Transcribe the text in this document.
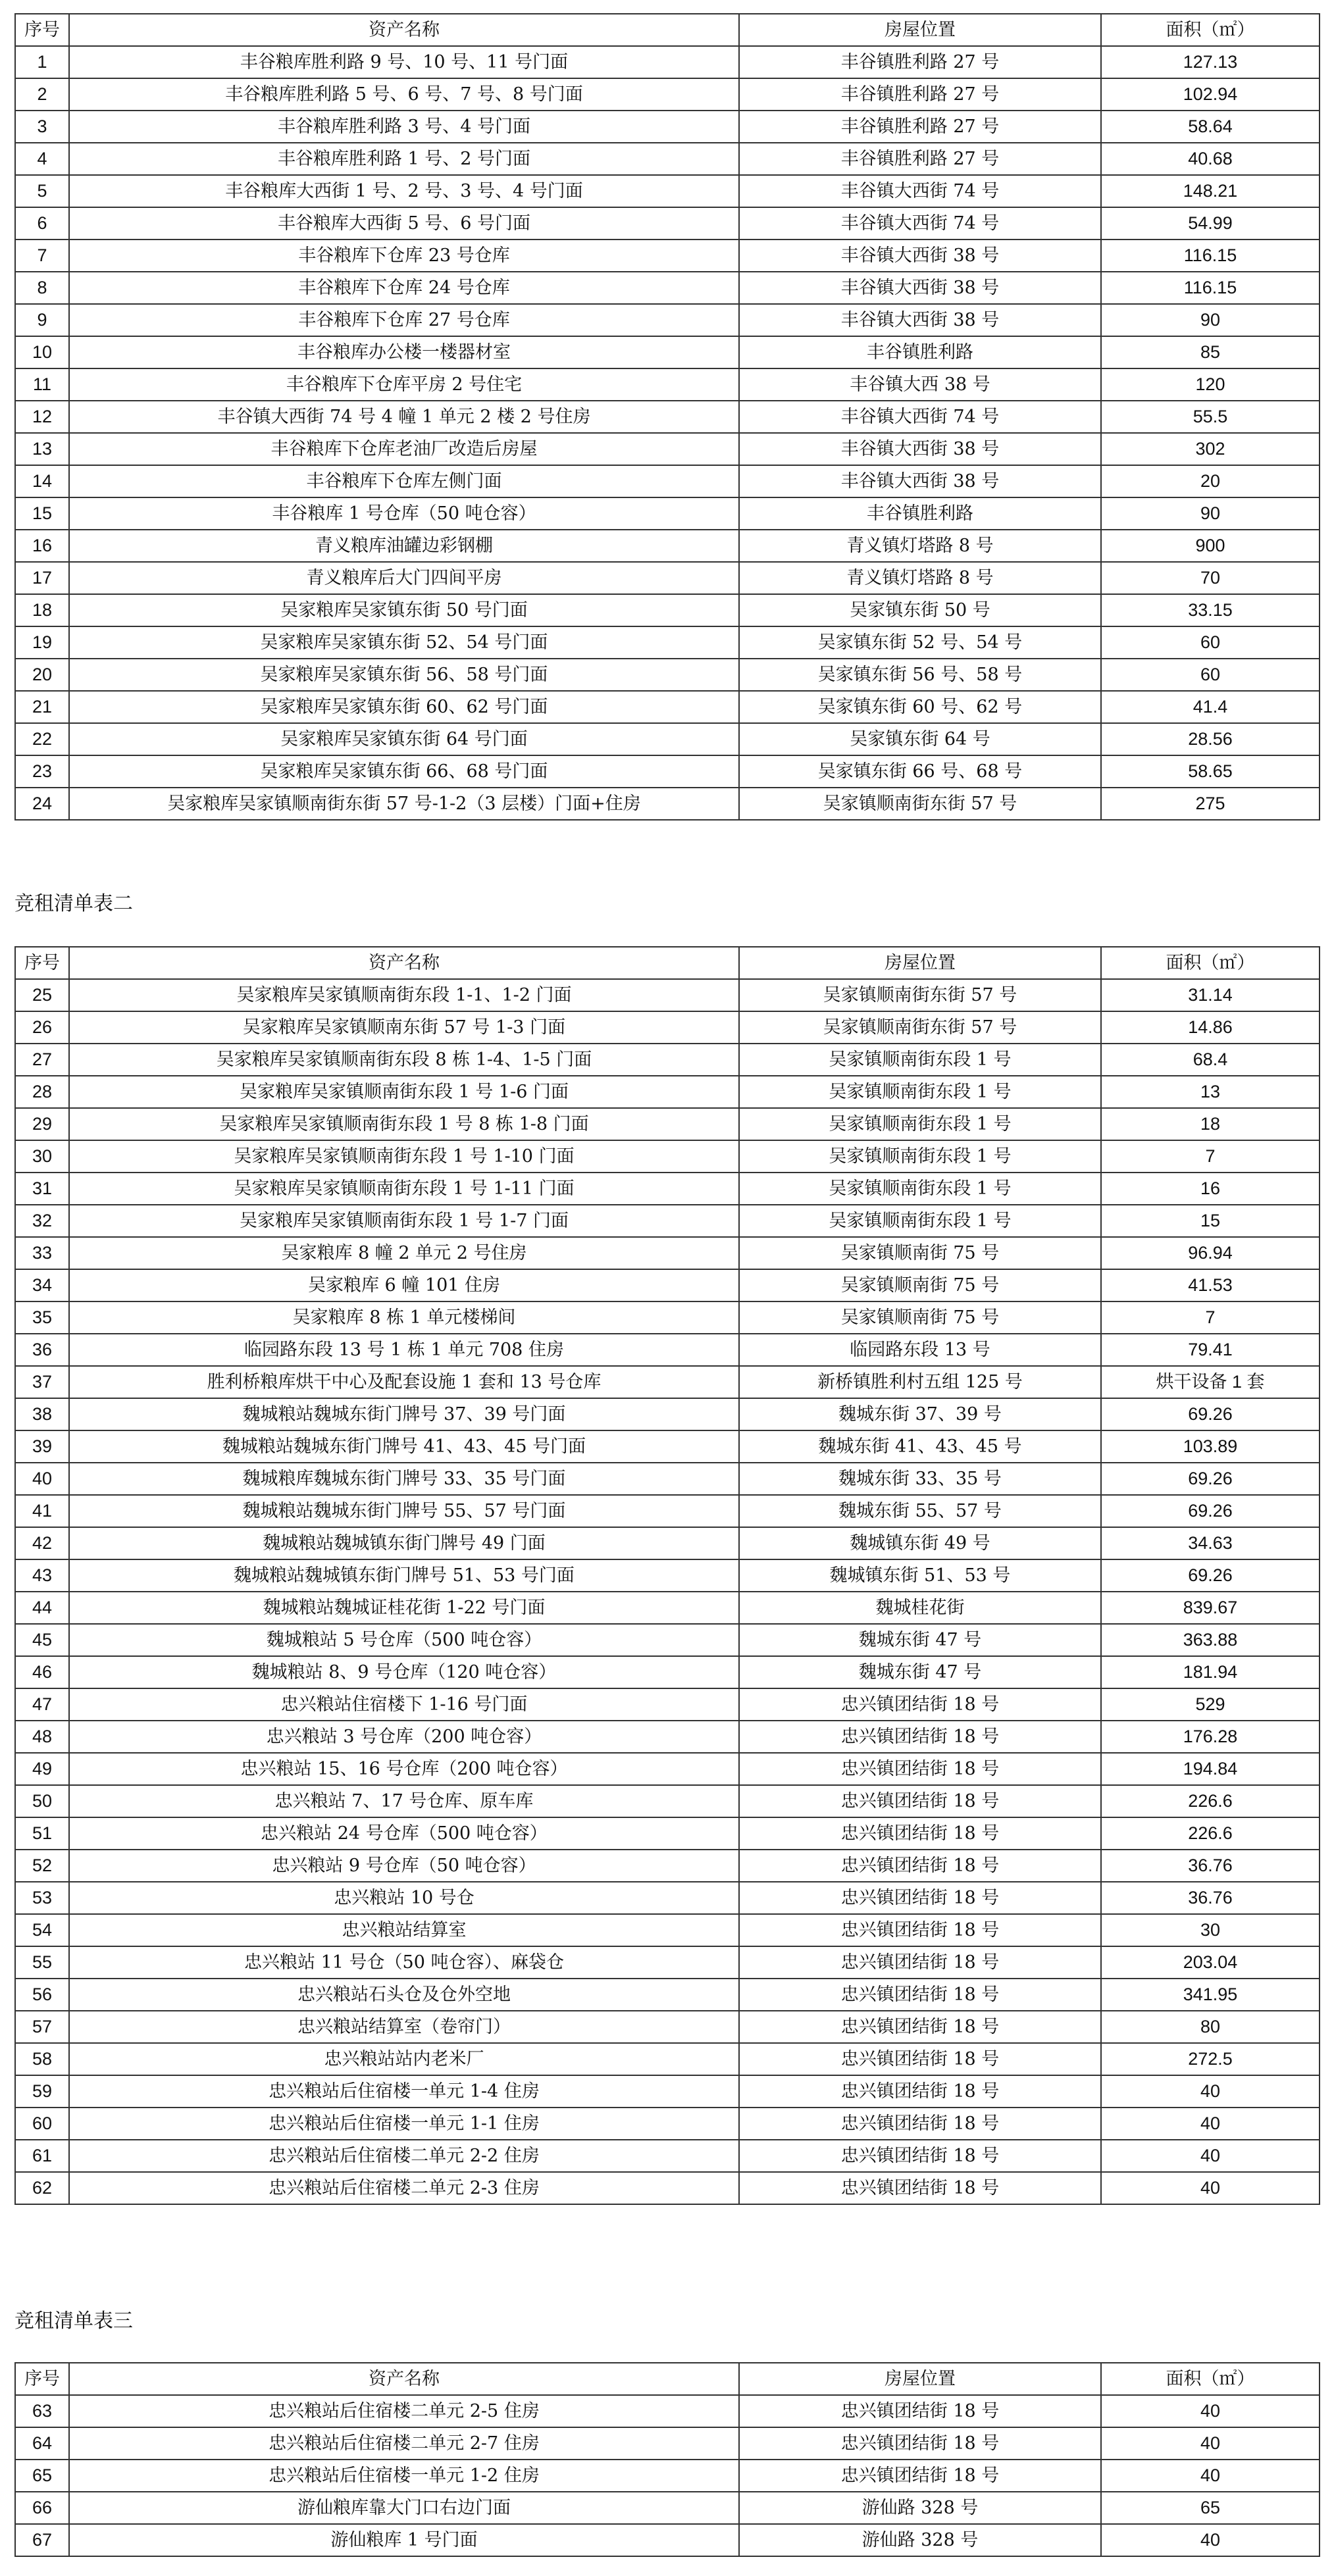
序号	资产名称	房屋位置	面积（㎡）
1	丰谷粮库胜利路 9 号、10 号、11 号门面	丰谷镇胜利路 27 号	127.13
2	丰谷粮库胜利路 5 号、6 号、7 号、8 号门面	丰谷镇胜利路 27 号	102.94
3	丰谷粮库胜利路 3 号、4 号门面	丰谷镇胜利路 27 号	58.64
4	丰谷粮库胜利路 1 号、2 号门面	丰谷镇胜利路 27 号	40.68
5	丰谷粮库大西街 1 号、2 号、3 号、4 号门面	丰谷镇大西街 74 号	148.21
6	丰谷粮库大西街 5 号、6 号门面	丰谷镇大西街 74 号	54.99
7	丰谷粮库下仓库 23 号仓库	丰谷镇大西街 38 号	116.15
8	丰谷粮库下仓库 24 号仓库	丰谷镇大西街 38 号	116.15
9	丰谷粮库下仓库 27 号仓库	丰谷镇大西街 38 号	90
10	丰谷粮库办公楼一楼器材室	丰谷镇胜利路	85
11	丰谷粮库下仓库平房 2 号住宅	丰谷镇大西 38 号	120
12	丰谷镇大西街 74 号 4 幢 1 单元 2 楼 2 号住房	丰谷镇大西街 74 号	55.5
13	丰谷粮库下仓库老油厂改造后房屋	丰谷镇大西街 38 号	302
14	丰谷粮库下仓库左侧门面	丰谷镇大西街 38 号	20
15	丰谷粮库 1 号仓库（50 吨仓容）	丰谷镇胜利路	90
16	青义粮库油罐边彩钢棚	青义镇灯塔路 8 号	900
17	青义粮库后大门四间平房	青义镇灯塔路 8 号	70
18	吴家粮库吴家镇东街 50 号门面	吴家镇东街 50 号	33.15
19	吴家粮库吴家镇东街 52、54 号门面	吴家镇东街 52 号、54 号	60
20	吴家粮库吴家镇东街 56、58 号门面	吴家镇东街 56 号、58 号	60
21	吴家粮库吴家镇东街 60、62 号门面	吴家镇东街 60 号、62 号	41.4
22	吴家粮库吴家镇东街 64 号门面	吴家镇东街 64 号	28.56
23	吴家粮库吴家镇东街 66、68 号门面	吴家镇东街 66 号、68 号	58.65
24	吴家粮库吴家镇顺南街东街 57 号-1-2（3 层楼）门面+住房	吴家镇顺南街东街 57 号	275
竞租清单表二
序号	资产名称	房屋位置	面积（㎡）
25	吴家粮库吴家镇顺南街东段 1-1、1-2 门面	吴家镇顺南街东街 57 号	31.14
26	吴家粮库吴家镇顺南东街 57 号 1-3 门面	吴家镇顺南街东街 57 号	14.86
27	吴家粮库吴家镇顺南街东段 8 栋 1-4、1-5 门面	吴家镇顺南街东段 1 号	68.4
28	吴家粮库吴家镇顺南街东段 1 号 1-6 门面	吴家镇顺南街东段 1 号	13
29	吴家粮库吴家镇顺南街东段 1 号 8 栋 1-8 门面	吴家镇顺南街东段 1 号	18
30	吴家粮库吴家镇顺南街东段 1 号 1-10 门面	吴家镇顺南街东段 1 号	7
31	吴家粮库吴家镇顺南街东段 1 号 1-11 门面	吴家镇顺南街东段 1 号	16
32	吴家粮库吴家镇顺南街东段 1 号 1-7 门面	吴家镇顺南街东段 1 号	15
33	吴家粮库 8 幢 2 单元 2 号住房	吴家镇顺南街 75 号	96.94
34	吴家粮库 6 幢 101 住房	吴家镇顺南街 75 号	41.53
35	吴家粮库 8 栋 1 单元楼梯间	吴家镇顺南街 75 号	7
36	临园路东段 13 号 1 栋 1 单元 708 住房	临园路东段 13 号	79.41
37	胜利桥粮库烘干中心及配套设施 1 套和 13 号仓库	新桥镇胜利村五组 125 号	烘干设备 1 套
38	魏城粮站魏城东街门牌号 37、39 号门面	魏城东街 37、39 号	69.26
39	魏城粮站魏城东街门牌号 41、43、45 号门面	魏城东街 41、43、45 号	103.89
40	魏城粮库魏城东街门牌号 33、35 号门面	魏城东街 33、35 号	69.26
41	魏城粮站魏城东街门牌号 55、57 号门面	魏城东街 55、57 号	69.26
42	魏城粮站魏城镇东街门牌号 49 门面	魏城镇东街 49 号	34.63
43	魏城粮站魏城镇东街门牌号 51、53 号门面	魏城镇东街 51、53 号	69.26
44	魏城粮站魏城证桂花街 1-22 号门面	魏城桂花街	839.67
45	魏城粮站 5 号仓库（500 吨仓容）	魏城东街 47 号	363.88
46	魏城粮站 8、9 号仓库（120 吨仓容）	魏城东街 47 号	181.94
47	忠兴粮站住宿楼下 1-16 号门面	忠兴镇团结街 18 号	529
48	忠兴粮站 3 号仓库（200 吨仓容）	忠兴镇团结街 18 号	176.28
49	忠兴粮站 15、16 号仓库（200 吨仓容）	忠兴镇团结街 18 号	194.84
50	忠兴粮站 7、17 号仓库、原车库	忠兴镇团结街 18 号	226.6
51	忠兴粮站 24 号仓库（500 吨仓容）	忠兴镇团结街 18 号	226.6
52	忠兴粮站 9 号仓库（50 吨仓容）	忠兴镇团结街 18 号	36.76
53	忠兴粮站 10 号仓	忠兴镇团结街 18 号	36.76
54	忠兴粮站结算室	忠兴镇团结街 18 号	30
55	忠兴粮站 11 号仓（50 吨仓容）、麻袋仓	忠兴镇团结街 18 号	203.04
56	忠兴粮站石头仓及仓外空地	忠兴镇团结街 18 号	341.95
57	忠兴粮站结算室（卷帘门）	忠兴镇团结街 18 号	80
58	忠兴粮站站内老米厂	忠兴镇团结街 18 号	272.5
59	忠兴粮站后住宿楼一单元 1-4 住房	忠兴镇团结街 18 号	40
60	忠兴粮站后住宿楼一单元 1-1 住房	忠兴镇团结街 18 号	40
61	忠兴粮站后住宿楼二单元 2-2 住房	忠兴镇团结街 18 号	40
62	忠兴粮站后住宿楼二单元 2-3 住房	忠兴镇团结街 18 号	40
竞租清单表三
序号	资产名称	房屋位置	面积（㎡）
63	忠兴粮站后住宿楼二单元 2-5 住房	忠兴镇团结街 18 号	40
64	忠兴粮站后住宿楼二单元 2-7 住房	忠兴镇团结街 18 号	40
65	忠兴粮站后住宿楼一单元 1-2 住房	忠兴镇团结街 18 号	40
66	游仙粮库靠大门口右边门面	游仙路 328 号	65
67	游仙粮库 1 号门面	游仙路 328 号	40
